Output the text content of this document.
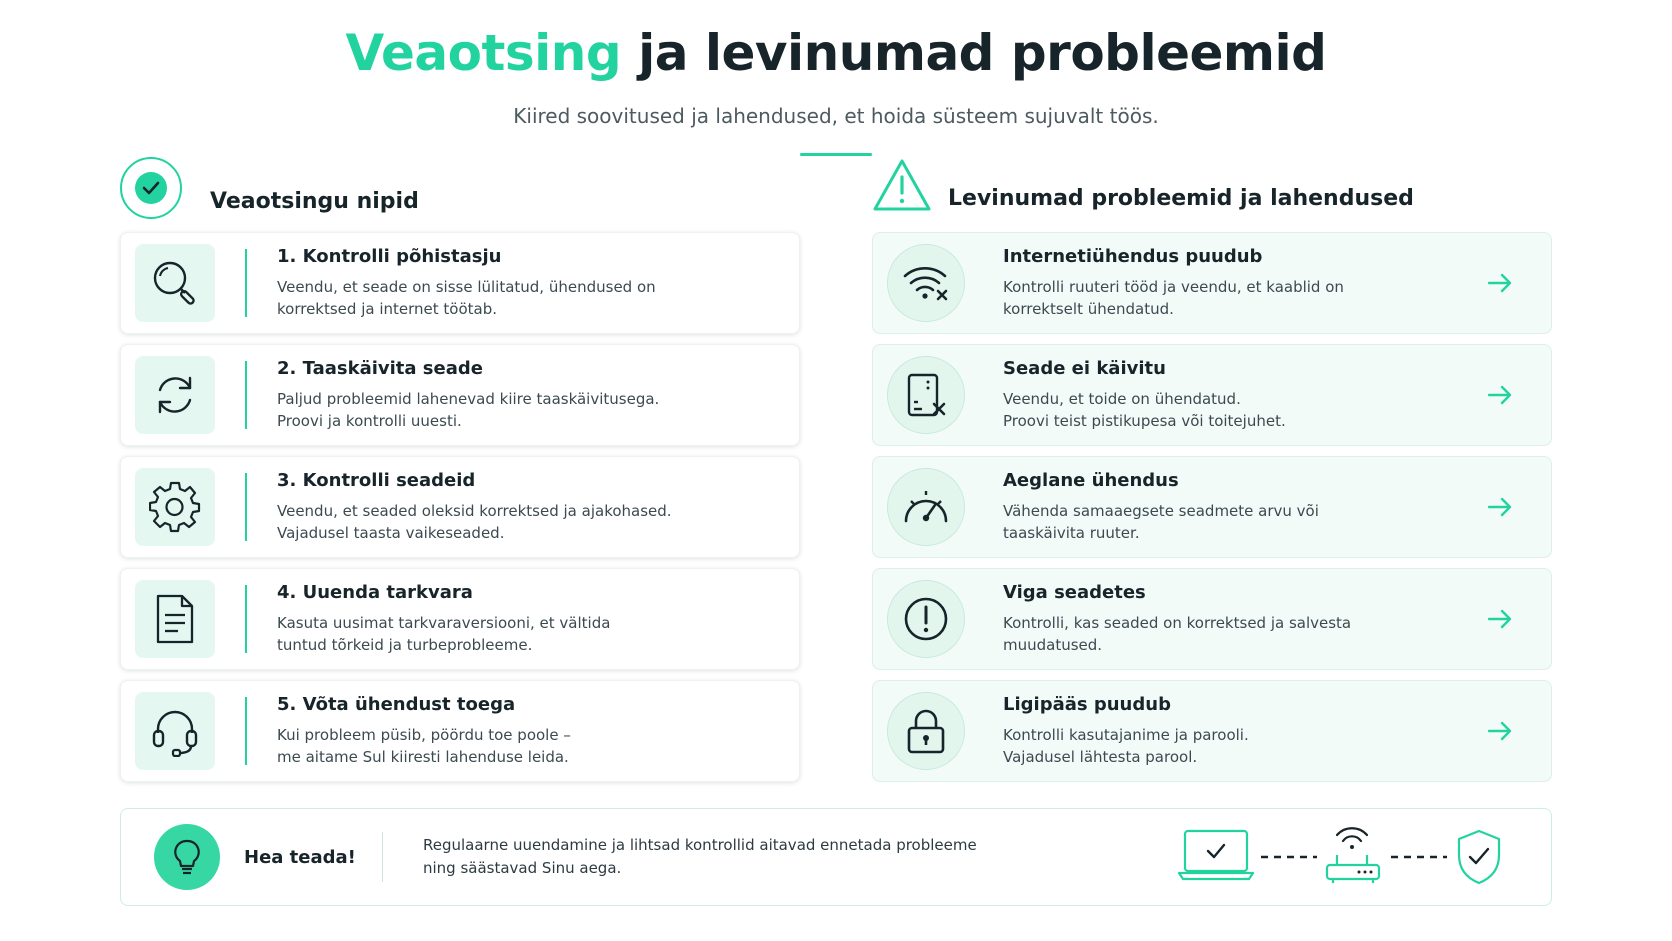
Veaotsing ja levinumad probleemid
Kiired soovitused ja lahendused, et hoida süsteem sujuvalt töös.
Veaotsingu nipid	Levinumad probleemid ja lahendused
1. Kontrolli põhistasju
Veendu, et seade on sisse lülitatud, ühendused on
korrektsed ja internet töötab.
2. Taaskäivita seade
Paljud probleemid lahenevad kiire taaskäivitusega.
Proovi ja kontrolli uuesti.
3. Kontrolli seadeid
Veendu, et seaded oleksid korrektsed ja ajakohased.
Vajadusel taasta vaikeseaded.
4. Uuenda tarkvara
Kasuta uusimat tarkvaraversiooni, et vältida
tuntud tõrkeid ja turbeprobleeme.
5. Võta ühendust toega
Kui probleem püsib, pöördu toe poole –
me aitame Sul kiiresti lahenduse leida.
Internetiühendus puudub
Kontrolli ruuteri tööd ja veendu, et kaablid on
korrektselt ühendatud.
Seade ei käivitu
Veendu, et toide on ühendatud.
Proovi teist pistikupesa või toitejuhet.
Aeglane ühendus
Vähenda samaaegsete seadmete arvu või
taaskäivita ruuter.
Viga seadetes
Kontrolli, kas seaded on korrektsed ja salvesta
muudatused.
Ligipääs puudub
Kontrolli kasutajanime ja parooli.
Vajadusel lähtesta parool.
Hea teada!
Regulaarne uuendamine ja lihtsad kontrollid aitavad ennetada probleeme
ning säästavad Sinu aega.
